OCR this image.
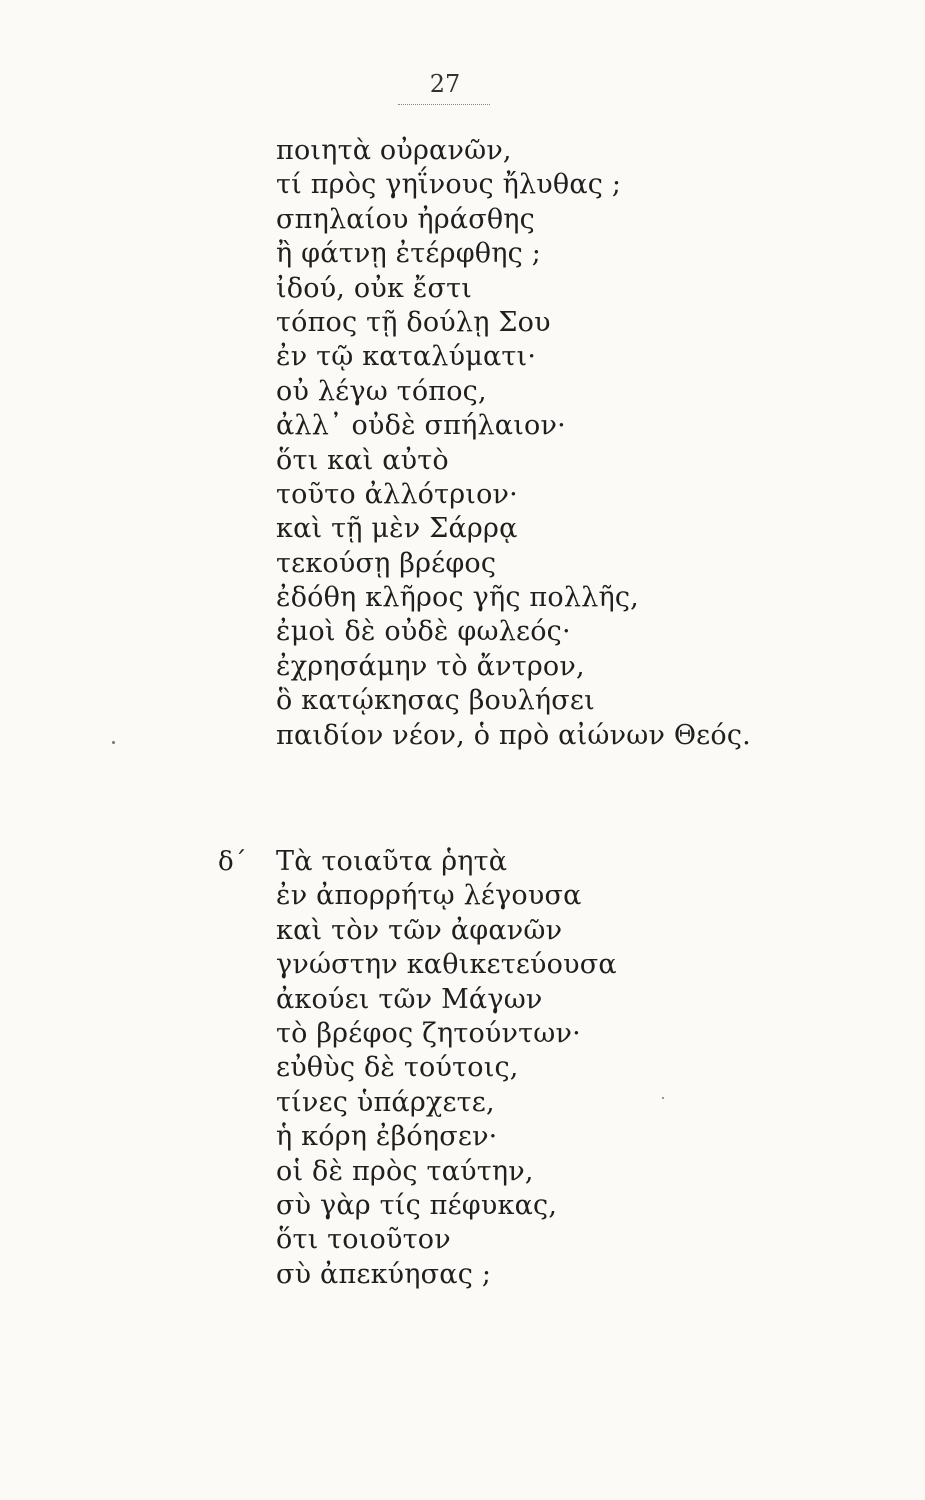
27
ποιητὰ οὐρανῶν,
τί πρὸς γηΐνους ἤλυθας ;
σπηλαίου ἠράσθης
ἢ φάτνῃ ἐτέρφθης ;
ἰδού, οὐκ ἔστι
τόπος τῇ δούλῃ Σου
ἐν τῷ καταλύματι·
οὐ λέγω τόπος,
ἀλλ᾽ οὐδὲ σπήλαιον·
ὅτι καὶ αὐτὸ
τοῦτο ἀλλότριον·
καὶ τῇ μὲν Σάρρᾳ
τεκούσῃ βρέφος
ἐδόθη κλῆρος γῆς πολλῆς,
ἐμοὶ δὲ οὐδὲ φωλεός·
ἐχρησάμην τὸ ἄντρον,
ὃ κατῴκησας βουλήσει
παιδίον νέον, ὁ πρὸ αἰώνων Θεός.
δ΄ Τὰ τοιαῦτα ῥητὰ
ἐν ἀπορρήτῳ λέγουσα
καὶ τὸν τῶν ἀφανῶν
γνώστην καθικετεύουσα
ἀκούει τῶν Μάγων
τὸ βρέφος ζητούντων·
εὐθὺς δὲ τούτοις,
τίνες ὑπάρχετε,
ἡ κόρη ἐβόησεν·
οἱ δὲ πρὸς ταύτην,
σὺ γὰρ τίς πέφυκας,
ὅτι τοιοῦτον
σὺ ἀπεκύησας ;
